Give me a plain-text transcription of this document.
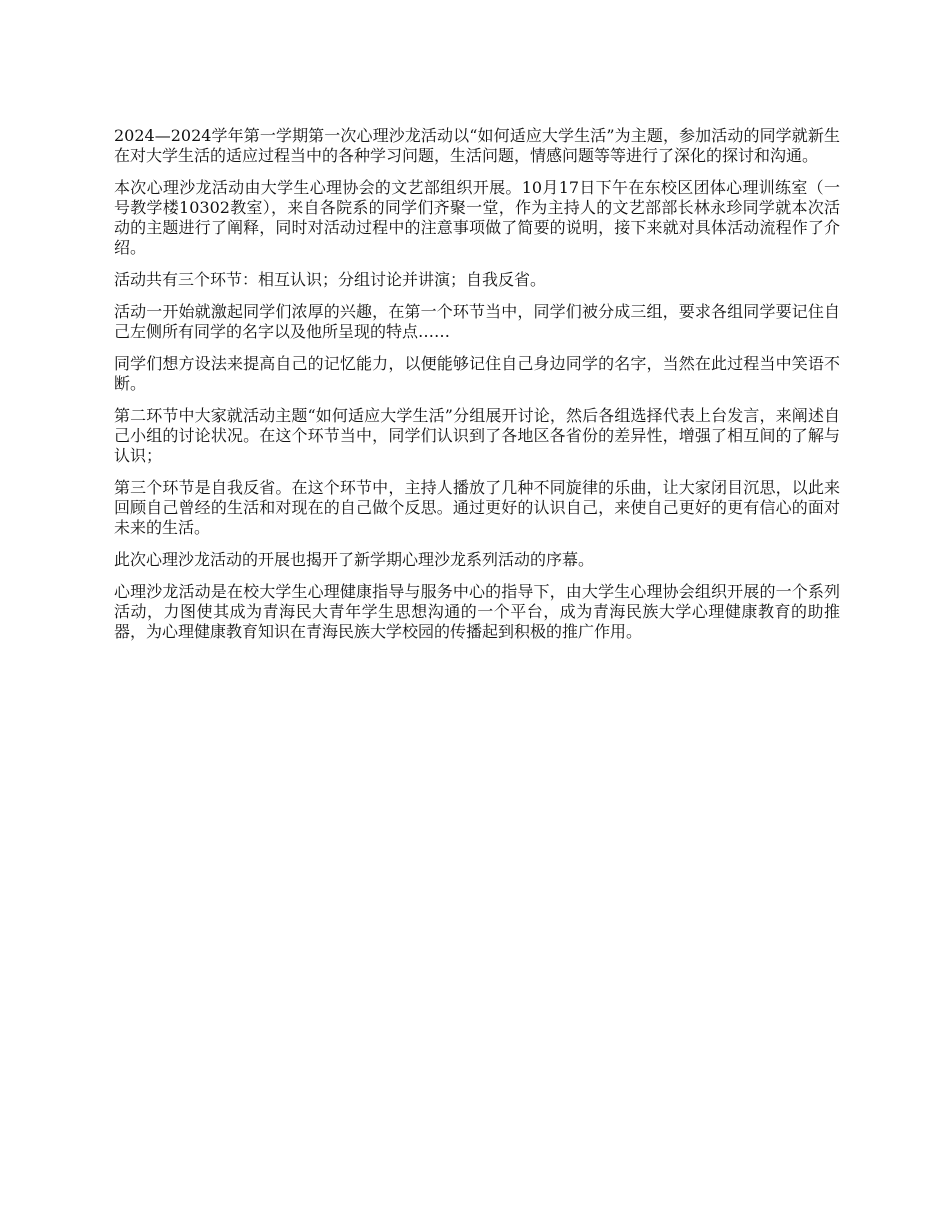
2024—2024学年第一学期第一次心理沙龙活动以“如何适应大学生活”为主题，参加活动的同学就新生在对大学生活的适应过程当中的各种学习问题，生活问题，情感问题等等进行了深化的探讨和沟通。

本次心理沙龙活动由大学生心理协会的文艺部组织开展。10月17日下午在东校区团体心理训练室（一号教学楼10302教室），来自各院系的同学们齐聚一堂，作为主持人的文艺部部长林永珍同学就本次活动的主题进行了阐释，同时对活动过程中的注意事项做了简要的说明，接下来就对具体活动流程作了介绍。

活动共有三个环节：相互认识；分组讨论并讲演；自我反省。

活动一开始就激起同学们浓厚的兴趣，在第一个环节当中，同学们被分成三组，要求各组同学要记住自己左侧所有同学的名字以及他所呈现的特点……

同学们想方设法来提高自己的记忆能力，以便能够记住自己身边同学的名字，当然在此过程当中笑语不断。

第二环节中大家就活动主题“如何适应大学生活”分组展开讨论，然后各组选择代表上台发言，来阐述自己小组的讨论状况。在这个环节当中，同学们认识到了各地区各省份的差异性，增强了相互间的了解与认识；

第三个环节是自我反省。在这个环节中，主持人播放了几种不同旋律的乐曲，让大家闭目沉思，以此来回顾自己曾经的生活和对现在的自己做个反思。通过更好的认识自己，来使自己更好的更有信心的面对未来的生活。

此次心理沙龙活动的开展也揭开了新学期心理沙龙系列活动的序幕。

心理沙龙活动是在校大学生心理健康指导与服务中心的指导下，由大学生心理协会组织开展的一个系列活动，力图使其成为青海民大青年学生思想沟通的一个平台，成为青海民族大学心理健康教育的助推器，为心理健康教育知识在青海民族大学校园的传播起到积极的推广作用。
